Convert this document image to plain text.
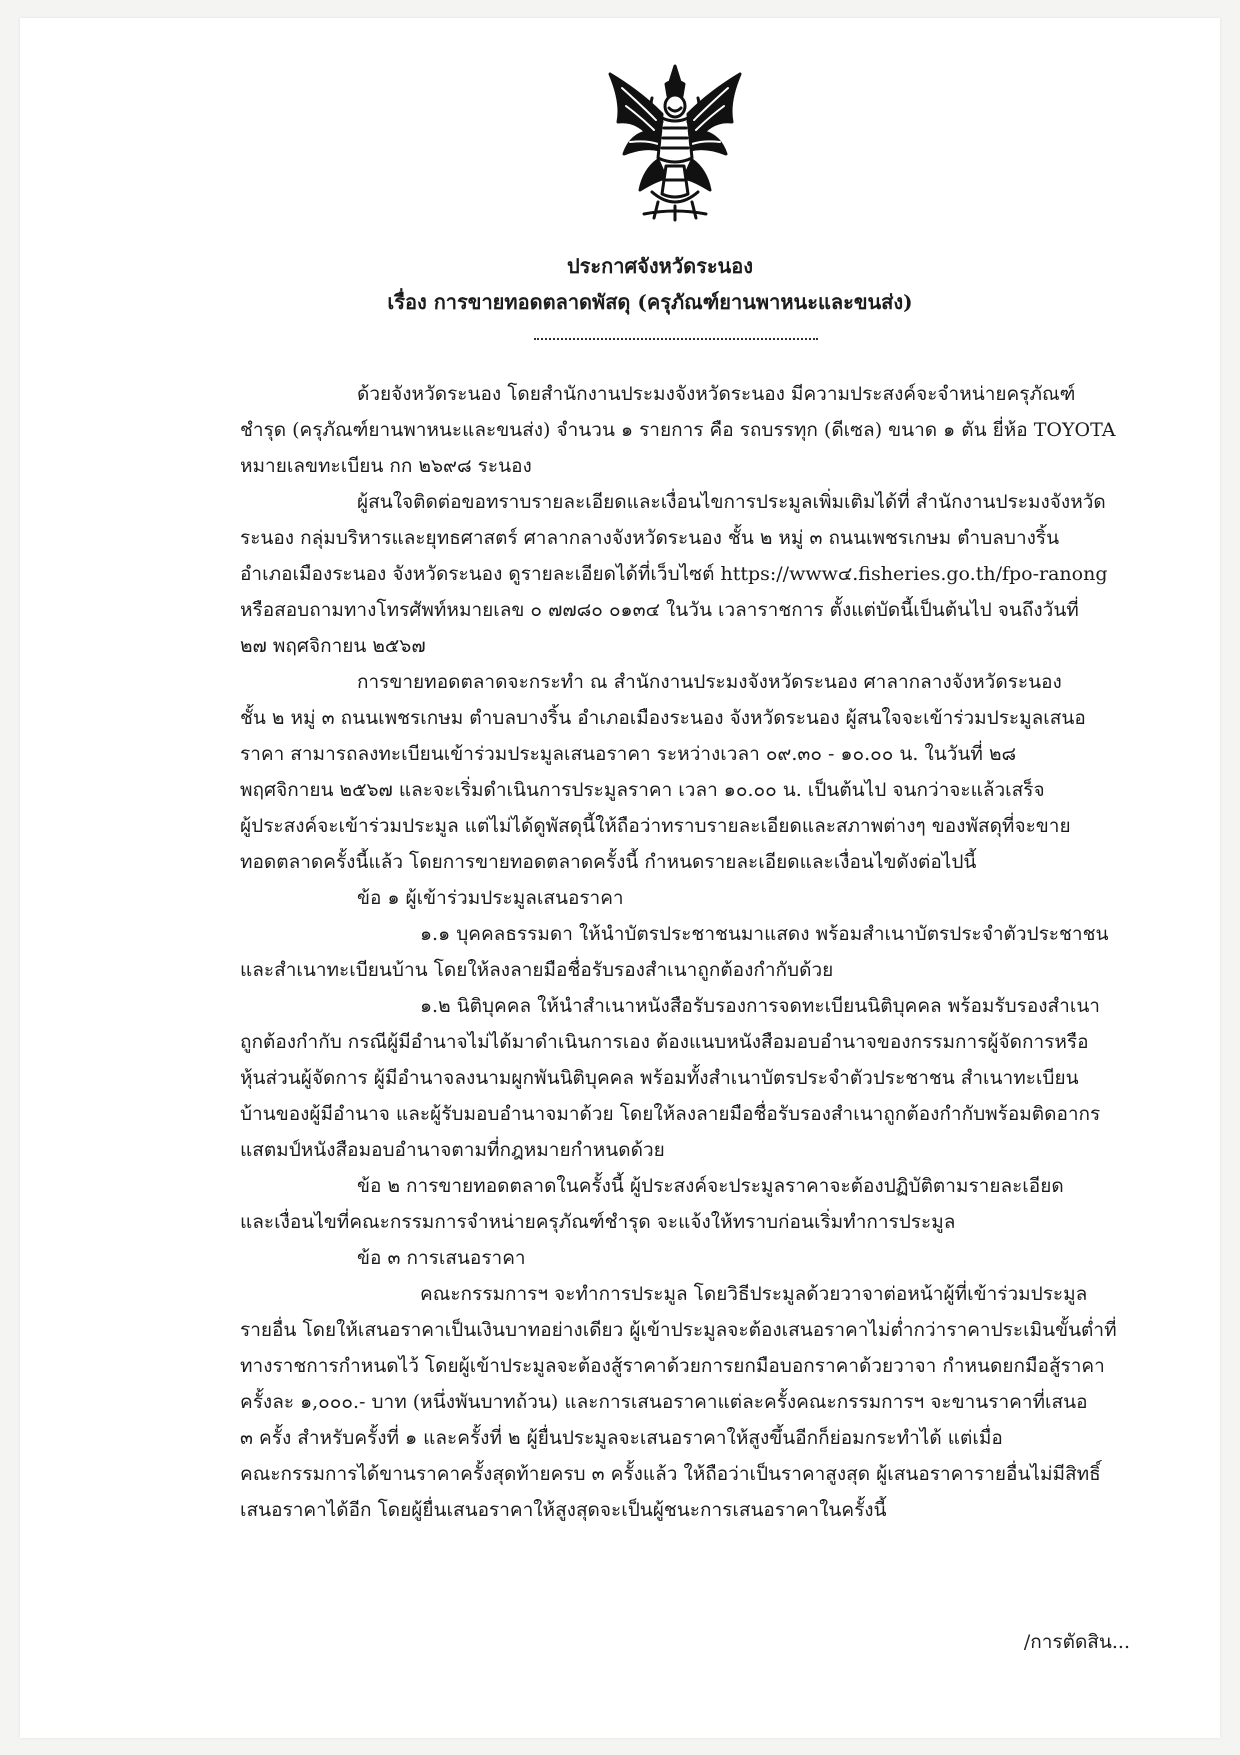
ประกาศจังหวัดระนอง
เรื่อง การขายทอดตลาดพัสดุ (ครุภัณฑ์ยานพาหนะและขนส่ง)
ด้วยจังหวัดระนอง โดยสำนักงานประมงจังหวัดระนอง มีความประสงค์จะจำหน่ายครุภัณฑ์
ชำรุด (ครุภัณฑ์ยานพาหนะและขนส่ง) จำนวน ๑ รายการ คือ รถบรรทุก (ดีเซล) ขนาด ๑ ตัน ยี่ห้อ TOYOTA
หมายเลขทะเบียน กก ๒๖๙๘ ระนอง
ผู้สนใจติดต่อขอทราบรายละเอียดและเงื่อนไขการประมูลเพิ่มเติมได้ที่ สำนักงานประมงจังหวัด
ระนอง กลุ่มบริหารและยุทธศาสตร์ ศาลากลางจังหวัดระนอง ชั้น ๒ หมู่ ๓ ถนนเพชรเกษม ตำบลบางริ้น
อำเภอเมืองระนอง จังหวัดระนอง ดูรายละเอียดได้ที่เว็บไซต์ https://www๔.fisheries.go.th/fpo-ranong
หรือสอบถามทางโทรศัพท์หมายเลข ๐ ๗๗๘๐ ๐๑๓๔ ในวัน เวลาราชการ ตั้งแต่บัดนี้เป็นต้นไป จนถึงวันที่
๒๗ พฤศจิกายน ๒๕๖๗
การขายทอดตลาดจะกระทำ ณ สำนักงานประมงจังหวัดระนอง ศาลากลางจังหวัดระนอง
ชั้น ๒ หมู่ ๓ ถนนเพชรเกษม ตำบลบางริ้น อำเภอเมืองระนอง จังหวัดระนอง ผู้สนใจจะเข้าร่วมประมูลเสนอ
ราคา สามารถลงทะเบียนเข้าร่วมประมูลเสนอราคา ระหว่างเวลา ๐๙.๓๐ - ๑๐.๐๐ น. ในวันที่ ๒๘
พฤศจิกายน ๒๕๖๗ และจะเริ่มดำเนินการประมูลราคา เวลา ๑๐.๐๐ น. เป็นต้นไป จนกว่าจะแล้วเสร็จ
ผู้ประสงค์จะเข้าร่วมประมูล แต่ไม่ได้ดูพัสดุนี้ให้ถือว่าทราบรายละเอียดและสภาพต่างๆ ของพัสดุที่จะขาย
ทอดตลาดครั้งนี้แล้ว โดยการขายทอดตลาดครั้งนี้ กำหนดรายละเอียดและเงื่อนไขดังต่อไปนี้
ข้อ ๑ ผู้เข้าร่วมประมูลเสนอราคา
๑.๑ บุคคลธรรมดา ให้นำบัตรประชาชนมาแสดง พร้อมสำเนาบัตรประจำตัวประชาชน
และสำเนาทะเบียนบ้าน โดยให้ลงลายมือชื่อรับรองสำเนาถูกต้องกำกับด้วย
๑.๒ นิติบุคคล ให้นำสำเนาหนังสือรับรองการจดทะเบียนนิติบุคคล พร้อมรับรองสำเนา
ถูกต้องกำกับ กรณีผู้มีอำนาจไม่ได้มาดำเนินการเอง ต้องแนบหนังสือมอบอำนาจของกรรมการผู้จัดการหรือ
หุ้นส่วนผู้จัดการ ผู้มีอำนาจลงนามผูกพันนิติบุคคล พร้อมทั้งสำเนาบัตรประจำตัวประชาชน สำเนาทะเบียน
บ้านของผู้มีอำนาจ และผู้รับมอบอำนาจมาด้วย โดยให้ลงลายมือชื่อรับรองสำเนาถูกต้องกำกับพร้อมติดอากร
แสตมป์หนังสือมอบอำนาจตามที่กฎหมายกำหนดด้วย
ข้อ ๒ การขายทอดตลาดในครั้งนี้ ผู้ประสงค์จะประมูลราคาจะต้องปฏิบัติตามรายละเอียด
และเงื่อนไขที่คณะกรรมการจำหน่ายครุภัณฑ์ชำรุด จะแจ้งให้ทราบก่อนเริ่มทำการประมูล
ข้อ ๓ การเสนอราคา
คณะกรรมการฯ จะทำการประมูล โดยวิธีประมูลด้วยวาจาต่อหน้าผู้ที่เข้าร่วมประมูล
รายอื่น โดยให้เสนอราคาเป็นเงินบาทอย่างเดียว ผู้เข้าประมูลจะต้องเสนอราคาไม่ต่ำกว่าราคาประเมินขั้นต่ำที่
ทางราชการกำหนดไว้ โดยผู้เข้าประมูลจะต้องสู้ราคาด้วยการยกมือบอกราคาด้วยวาจา กำหนดยกมือสู้ราคา
ครั้งละ ๑,๐๐๐.- บาท (หนึ่งพันบาทถ้วน) และการเสนอราคาแต่ละครั้งคณะกรรมการฯ จะขานราคาที่เสนอ
๓ ครั้ง สำหรับครั้งที่ ๑ และครั้งที่ ๒ ผู้ยื่นประมูลจะเสนอราคาให้สูงขึ้นอีกก็ย่อมกระทำได้ แต่เมื่อ
คณะกรรมการได้ขานราคาครั้งสุดท้ายครบ ๓ ครั้งแล้ว ให้ถือว่าเป็นราคาสูงสุด ผู้เสนอราคารายอื่นไม่มีสิทธิ์
เสนอราคาได้อีก โดยผู้ยื่นเสนอราคาให้สูงสุดจะเป็นผู้ชนะการเสนอราคาในครั้งนี้
/การตัดสิน...
